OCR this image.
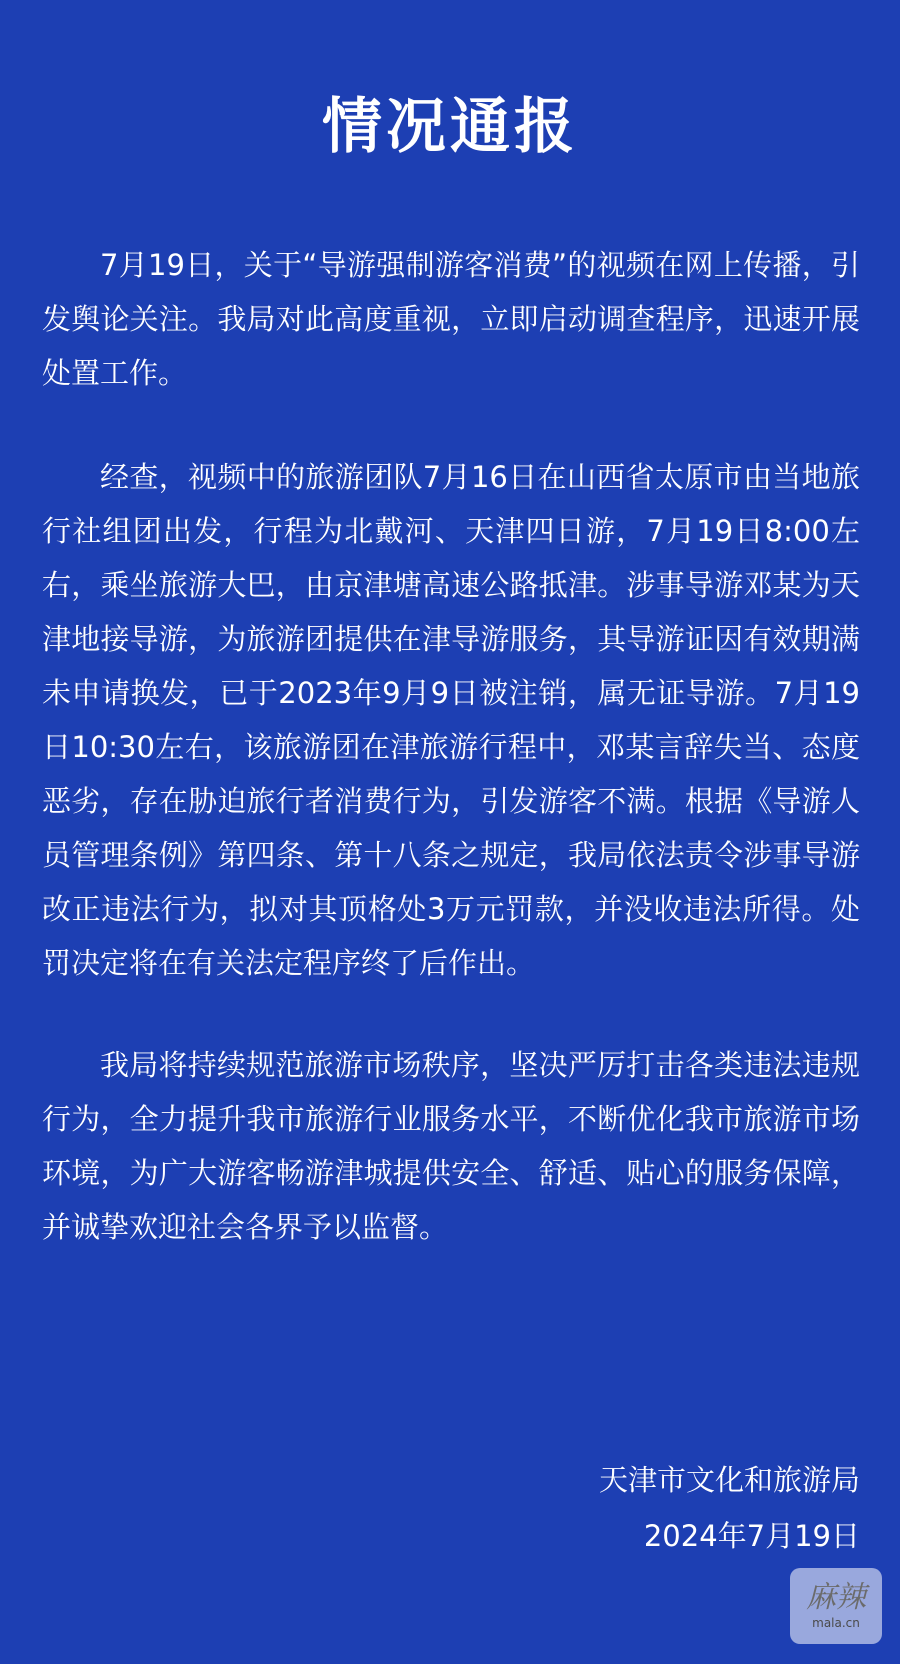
情况通报

7月19日，关于“导游强制游客消费”的视频在网上传播，引发舆论关注。我局对此高度重视，立即启动调查程序，迅速开展处置工作。

经查，视频中的旅游团队7月16日在山西省太原市由当地旅行社组团出发，行程为北戴河、天津四日游，7月19日8:00左右，乘坐旅游大巴，由京津塘高速公路抵津。涉事导游邓某为天津地接导游，为旅游团提供在津导游服务，其导游证因有效期满未申请换发，已于2023年9月9日被注销，属无证导游。7月19日10:30左右，该旅游团在津旅游行程中，邓某言辞失当、态度恶劣，存在胁迫旅行者消费行为，引发游客不满。根据《导游人员管理条例》第四条、第十八条之规定，我局依法责令涉事导游改正违法行为，拟对其顶格处3万元罚款，并没收违法所得。处罚决定将在有关法定程序终了后作出。

我局将持续规范旅游市场秩序，坚决严厉打击各类违法违规行为，全力提升我市旅游行业服务水平，不断优化我市旅游市场环境，为广大游客畅游津城提供安全、舒适、贴心的服务保障，并诚挚欢迎社会各界予以监督。

天津市文化和旅游局
2024年7月19日
麻辣
mala.cn
